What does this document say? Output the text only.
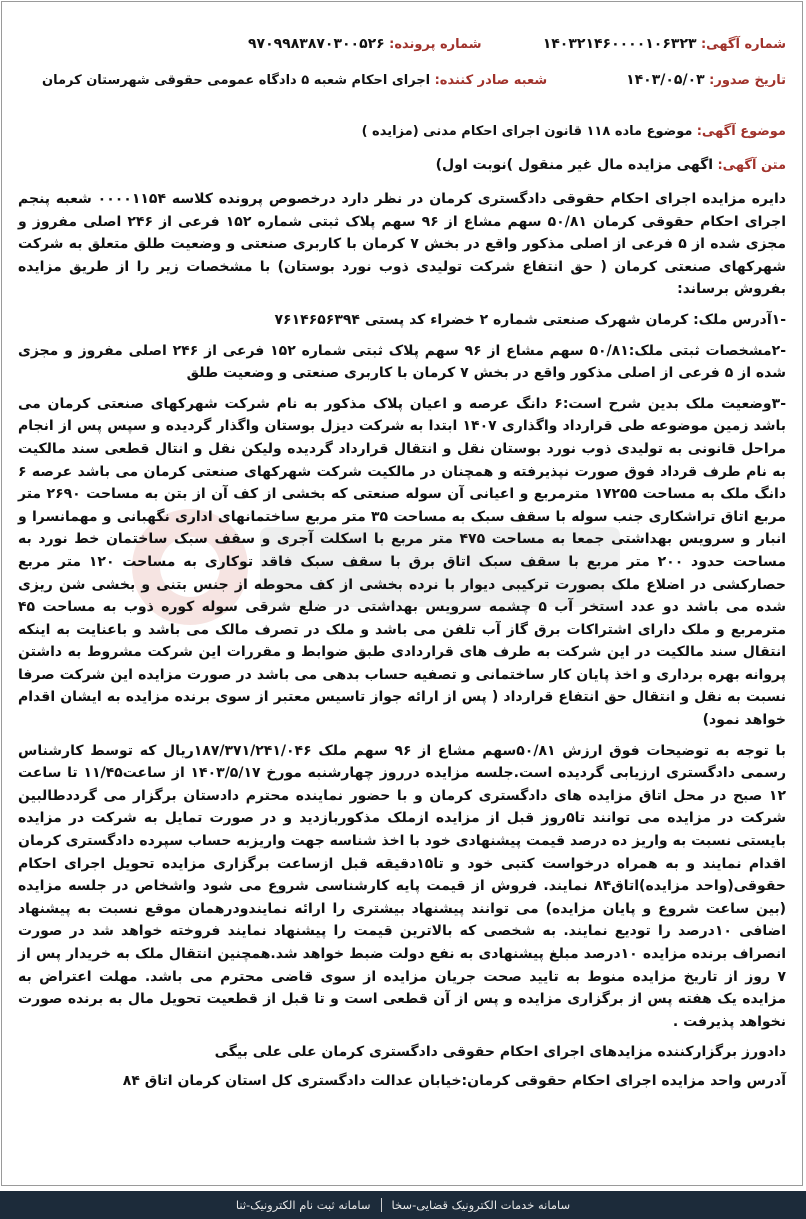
شماره آگهی: ۱۴۰۳۲۱۴۶۰۰۰۰۱۰۶۳۲۳
شماره پرونده: ۹۷۰۹۹۸۳۸۷۰۳۰۰۵۲۶
تاریخ صدور: ۱۴۰۳/۰۵/۰۳
شعبه صادر کننده: اجرای احکام شعبه ۵ دادگاه عمومی حقوقی شهرستان کرمان
موضوع آگهی: موضوع ماده ۱۱۸ قانون اجرای احکام مدنی (مزایده )
متن آگهی: اگهی مزایده مال غیر منقول )نوبت اول)

دایره مزایده اجرای احکام حقوقی دادگستری کرمان در نظر دارد درخصوص پرونده کلاسه ۰۰۰۰۱۱۵۴ شعبه پنجم اجرای احکام حقوقی کرمان ۵۰/۸۱ سهم مشاع از ۹۶ سهم پلاک ثبتی شماره ۱۵۲ فرعی از ۲۴۶ اصلی مفروز و مجزی شده از ۵ فرعی از اصلی مذکور واقع در بخش ۷ کرمان با کاربری صنعتی و وضعیت طلق متعلق به شرکت شهرکهای صنعتی کرمان ( حق انتفاع شرکت تولیدی ذوب نورد بوستان) با مشخصات زیر را از طریق مزایده بفروش برساند:

-۱آدرس ملک: کرمان شهرک صنعتی شماره ۲ خضراء کد پستی ۷۶۱۴۶۵۶۳۹۴

-۲مشخصات ثبتی ملک:۵۰/۸۱ سهم مشاع از ۹۶ سهم پلاک ثبتی شماره ۱۵۲ فرعی از ۲۴۶ اصلی مفروز و مجزی شده از ۵ فرعی از اصلی مذکور واقع در بخش ۷ کرمان با کاربری صنعتی و وضعیت طلق

-۳وضعیت ملک بدین شرح است:۶ دانگ عرصه و اعیان پلاک مذکور به نام شرکت شهرکهای صنعتی کرمان می باشد زمین موضوعه طی قرارداد واگذاری ۱۴۰۷ ابتدا به شرکت دیزل بوستان واگذار گردیده و سپس پس از انجام مراحل قانونی به تولیدی ذوب نورد بوستان نقل و انتقال قرارداد گردیده ولیکن نقل و انتال قطعی سند مالکیت به نام طرف قرداد فوق صورت نپذیرفته و همچنان در مالکیت شرکت شهرکهای صنعتی کرمان می باشد عرصه ۶ دانگ ملک به مساحت ۱۷۲۵۵ مترمربع و اعیانی آن سوله صنعتی که بخشی از کف آن از بتن به مساحت ۲۶۹۰ متر مربع اتاق تراشکاری جنب سوله با سقف سبک به مساحت ۳۵ متر مربع ساختمانهای اداری نگهبانی و مهمانسرا و انبار و سرویس بهداشتی جمعا به مساحت ۴۷۵ متر مربع با اسکلت آجری و سقف سبک ساختمان خط نورد به مساحت حدود ۲۰۰ متر مربع با سقف سبک اتاق برق با سقف سبک فاقد توکاری به مساحت ۱۲۰ متر مربع حصارکشی در اضلاع ملک بصورت ترکیبی دیوار با نرده بخشی از کف محوطه از جنس بتنی و بخشی شن ریزی شده می باشد دو عدد استخر آب ۵ چشمه سرویس بهداشتی در ضلع شرقی سوله کوره ذوب به مساحت ۴۵ مترمربع و ملک دارای اشتراکات برق گاز آب تلفن می باشد و ملک در تصرف مالک می باشد و باعنایت به اینکه انتقال سند مالکیت در این شرکت به طرف های قراردادی طبق ضوابط و مقررات این شرکت مشروط به داشتن پروانه بهره برداری و اخذ پایان کار ساختمانی و تصفیه حساب بدهی می باشد در صورت مزایده این شرکت صرفا نسبت به نقل و انتقال حق انتفاع قرارداد ( پس از ارائه جواز تاسیس معتبر از سوی برنده مزایده به ایشان اقدام خواهد نمود)

با توجه به توضیحات فوق ارزش ۵۰/۸۱سهم مشاع از ۹۶ سهم ملک ۱۸۷/۳۷۱/۲۴۱/۰۴۶ریال که توسط کارشناس رسمی دادگستری ارزیابی گردیده است.جلسه مزایده درروز چهارشنبه مورخ ۱۴۰۳/۵/۱۷ از ساعت۱۱/۴۵ تا ساعت ۱۲ صبح در محل اتاق مزایده های دادگستری کرمان و با حضور نماینده محترم دادستان برگزار می گرددطالبین شرکت در مزایده می توانند تا۵روز قبل از مزایده ازملک مذکوربازدید و در صورت تمایل به شرکت در مزایده بایستی نسبت به واریز ده درصد قیمت پیشنهادی خود با اخذ شناسه جهت واریزبه حساب سپرده دادگستری کرمان اقدام نمایند و به همراه درخواست کتبی خود و تا۱۵دقیقه قبل ازساعت برگزاری مزایده تحویل اجرای احکام حقوقی(واحد مزایده)اتاق۸۴ نمایند. فروش از قیمت پایه کارشناسی شروع می شود واشخاص در جلسه مزایده (بین ساعت شروع و پایان مزایده) می توانند پیشنهاد بیشتری را ارائه نمایندودرهمان موقع نسبت به پیشنهاد اضافی ۱۰درصد را تودیع نمایند. به شخصی که بالاترین قیمت را پیشنهاد نمایند فروخته خواهد شد در صورت انصراف برنده مزایده ۱۰درصد مبلغ پیشنهادی به نفع دولت ضبط خواهد شد.همچنین انتقال ملک به خریدار پس از ۷ روز از تاریخ مزایده منوط به تایید صحت جریان مزایده از سوی قاضی محترم می باشد. مهلت اعتراض به مزایده یک هفته پس از برگزاری مزایده و پس از آن قطعی است و تا قبل از قطعیت تحویل مال به برنده صورت نخواهد پذیرفت .

دادورز برگزارکننده مزایدهای اجرای احکام حقوقی دادگستری کرمان علی علی بیگی

آدرس واحد مزایده اجرای احکام حقوقی کرمان:خیابان عدالت دادگستری کل استان کرمان اتاق ۸۴

سامانه خدمات الکترونیک قضایی-سخا
سامانه ثبت نام الکترونیک-ثنا
